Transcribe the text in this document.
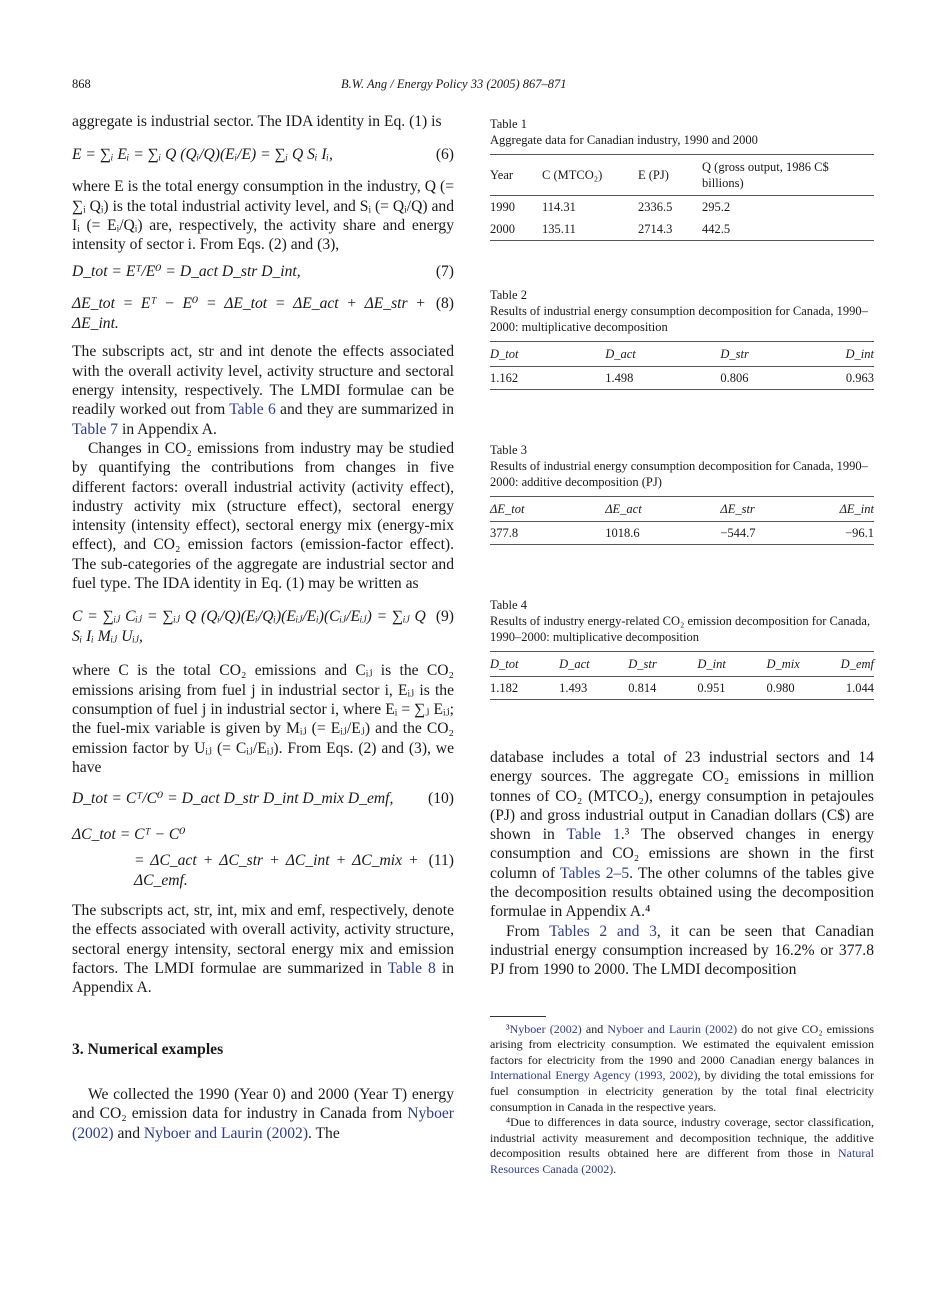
868	B.W. Ang / Energy Policy 33 (2005) 867–871

aggregate is industrial sector. The IDA identity in Eq. (1) is

E = ∑ᵢ Eᵢ = ∑ᵢ Q (Qᵢ/Q)(Eᵢ/E) = ∑ᵢ Q Sᵢ Iᵢ,	(6)

where E is the total energy consumption in the industry, Q (= ∑ᵢ Qᵢ) is the total industrial activity level, and Sᵢ (= Qᵢ/Q) and Iᵢ (= Eᵢ/Qᵢ) are, respectively, the activity share and energy intensity of sector i. From Eqs. (2) and (3),

D_tot = Eᵀ/E⁰ = D_act D_str D_int,	(7)
ΔE_tot = Eᵀ − E⁰ = ΔE_tot = ΔE_act + ΔE_str + ΔE_int.
(8)

The subscripts act, str and int denote the effects associated with the overall activity level, activity structure and sectoral energy intensity, respectively. The LMDI formulae can be readily worked out from Table 6 and they are summarized in Table 7 in Appendix A.

Changes in CO₂ emissions from industry may be studied by quantifying the contributions from changes in five different factors: overall industrial activity (activity effect), industry activity mix (structure effect), sectoral energy intensity (intensity effect), sectoral energy mix (energy-mix effect), and CO₂ emission factors (emission-factor effect). The sub-categories of the aggregate are industrial sector and fuel type. The IDA identity in Eq. (1) may be written as

C = ∑ᵢⱼ Cᵢⱼ = ∑ᵢⱼ Q (Qᵢ/Q)(Eᵢ/Qᵢ)(Eᵢⱼ/Eᵢ)(Cᵢⱼ/Eᵢⱼ) = ∑ᵢⱼ Q Sᵢ Iᵢ Mᵢⱼ Uᵢⱼ,
(9)

where C is the total CO₂ emissions and Cᵢⱼ is the CO₂ emissions arising from fuel j in industrial sector i, Eᵢⱼ is the consumption of fuel j in industrial sector i, where Eᵢ = ∑ⱼ Eᵢⱼ; the fuel-mix variable is given by Mᵢⱼ (= Eᵢⱼ/Eⱼ) and the CO₂ emission factor by Uᵢⱼ (= Cᵢⱼ/Eᵢⱼ). From Eqs. (2) and (3), we have

D_tot = Cᵀ/C⁰ = D_act D_str D_int D_mix D_emf,	(10)
ΔC_tot = Cᵀ − C⁰
= ΔC_act + ΔC_str + ΔC_int + ΔC_mix + ΔC_emf.
(11)

The subscripts act, str, int, mix and emf, respectively, denote the effects associated with overall activity, activity structure, sectoral energy intensity, sectoral energy mix and emission factors. The LMDI formulae are summarized in Table 8 in Appendix A.

3. Numerical examples

We collected the 1990 (Year 0) and 2000 (Year T) energy and CO₂ emission data for industry in Canada from Nyboer (2002) and Nyboer and Laurin (2002). The

Table 1
Aggregate data for Canadian industry, 1990 and 2000
Year	C (MTCO₂)	E (PJ)	Q (gross output, 1986 C$ billions)
1990	114.31	2336.5	295.2
2000	135.11	2714.3	442.5
Table 2
Results of industrial energy consumption decomposition for Canada, 1990–2000: multiplicative decomposition
D_tot	D_act	D_str	D_int
1.162	1.498	0.806	0.963
Table 3
Results of industrial energy consumption decomposition for Canada, 1990–2000: additive decomposition (PJ)
ΔE_tot	ΔE_act	ΔE_str	ΔE_int
377.8	1018.6	−544.7	−96.1
Table 4
Results of industry energy-related CO₂ emission decomposition for Canada, 1990–2000: multiplicative decomposition
D_tot	D_act	D_str	D_int	D_mix	D_emf
1.182	1.493	0.814	0.951	0.980	1.044

database includes a total of 23 industrial sectors and 14 energy sources. The aggregate CO₂ emissions in million tonnes of CO₂ (MTCO₂), energy consumption in petajoules (PJ) and gross industrial output in Canadian dollars (C$) are shown in Table 1.³ The observed changes in energy consumption and CO₂ emissions are shown in the first column of Tables 2–5. The other columns of the tables give the decomposition results obtained using the decomposition formulae in Appendix A.⁴

From Tables 2 and 3, it can be seen that Canadian industrial energy consumption increased by 16.2% or 377.8 PJ from 1990 to 2000. The LMDI decomposition

³Nyboer (2002) and Nyboer and Laurin (2002) do not give CO₂ emissions arising from electricity consumption. We estimated the equivalent emission factors for electricity from the 1990 and 2000 Canadian energy balances in International Energy Agency (1993, 2002), by dividing the total emissions for fuel consumption in electricity generation by the total final electricity consumption in Canada in the respective years.

⁴Due to differences in data source, industry coverage, sector classification, industrial activity measurement and decomposition technique, the additive decomposition results obtained here are different from those in Natural Resources Canada (2002).
